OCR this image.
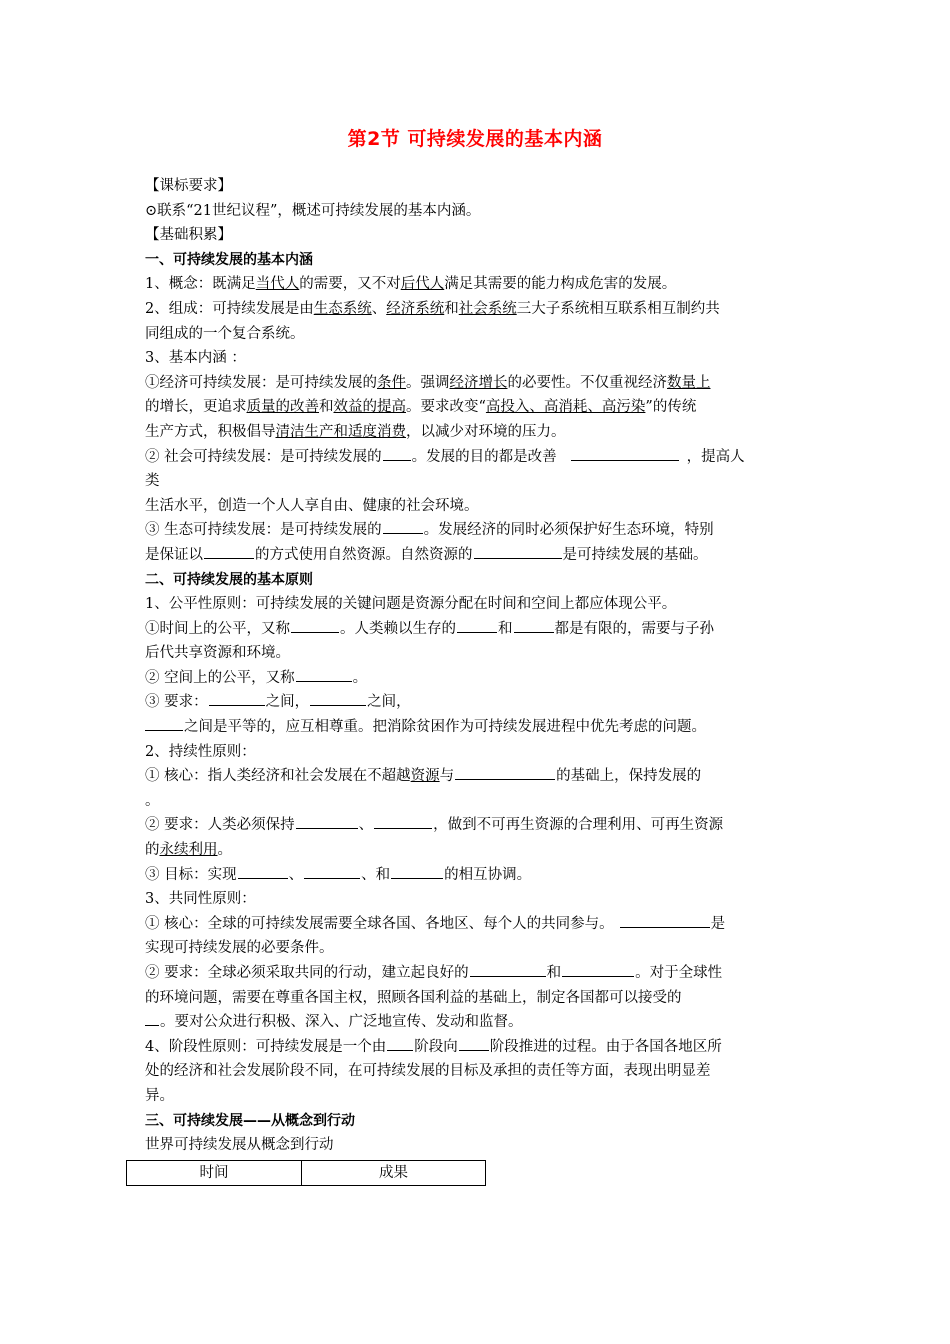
第2节 可持续发展的基本内涵

【课标要求】

⊙联系“21世纪议程”，概述可持续发展的基本内涵。

【基础积累】

一、可持续发展的基本内涵

1、概念：既满足当代人的需要，又不对后代人满足其需要的能力构成危害的发展。

2、组成：可持续发展是由生态系统、经济系统和社会系统三大子系统相互联系相互制约共

同组成的一个复合系统。

3、基本内涵 ：

①经济可持续发展：是可持续发展的条件。强调经济增长的必要性。不仅重视经济数量上

的增长，更追求质量的改善和效益的提高。要求改变“高投入、高消耗、高污染”的传统

生产方式，积极倡导清洁生产和适度消费，以减少对环境的压力。

② 社会可持续发展：是可持续发展的 。发展的目的都是改善	，提高人

类

生活水平，创造一个人人享自由、健康的社会环境。

③ 生态可持续发展：是可持续发展的	。发展经济的同时必须保护好生态环境，特别

是保证以	的方式使用自然资源。自然资源的	是可持续发展的基础。

二、可持续发展的基本原则

1、公平性原则：可持续发展的关键问题是资源分配在时间和空间上都应体现公平。

①时间上的公平，又称	。人类赖以生存的	和	都是有限的，需要与子孙

后代共享资源和环境。

② 空间上的公平，又称	。

③ 要求：	之间，	之间，

之间是平等的，应互相尊重。把消除贫困作为可持续发展进程中优先考虑的问题。

2、持续性原则：

① 核心：指人类经济和社会发展在不超越资源与	的基础上，保持发展的

。

② 要求：人类必须保持	、	，做到不可再生资源的合理利用、可再生资源

的永续利用。

③ 目标：实现	、	、和	的相互协调。

3、共同性原则：

① 核心：全球的可持续发展需要全球各国、各地区、每个人的共同参与。	是

实现可持续发展的必要条件。

② 要求：全球必须采取共同的行动，建立起良好的	和	。对于全球性

的环境问题，需要在尊重各国主权，照顾各国利益的基础上，制定各国都可以接受的

。要对公众进行积极、深入、广泛地宣传、发动和监督。

4、阶段性原则：可持续发展是一个由 阶段向 阶段推进的过程。由于各国各地区所

处的经济和社会发展阶段不同，在可持续发展的目标及承担的责任等方面，表现出明显差

异。

三、可持续发展——从概念到行动

世界可持续发展从概念到行动

时间	成果
